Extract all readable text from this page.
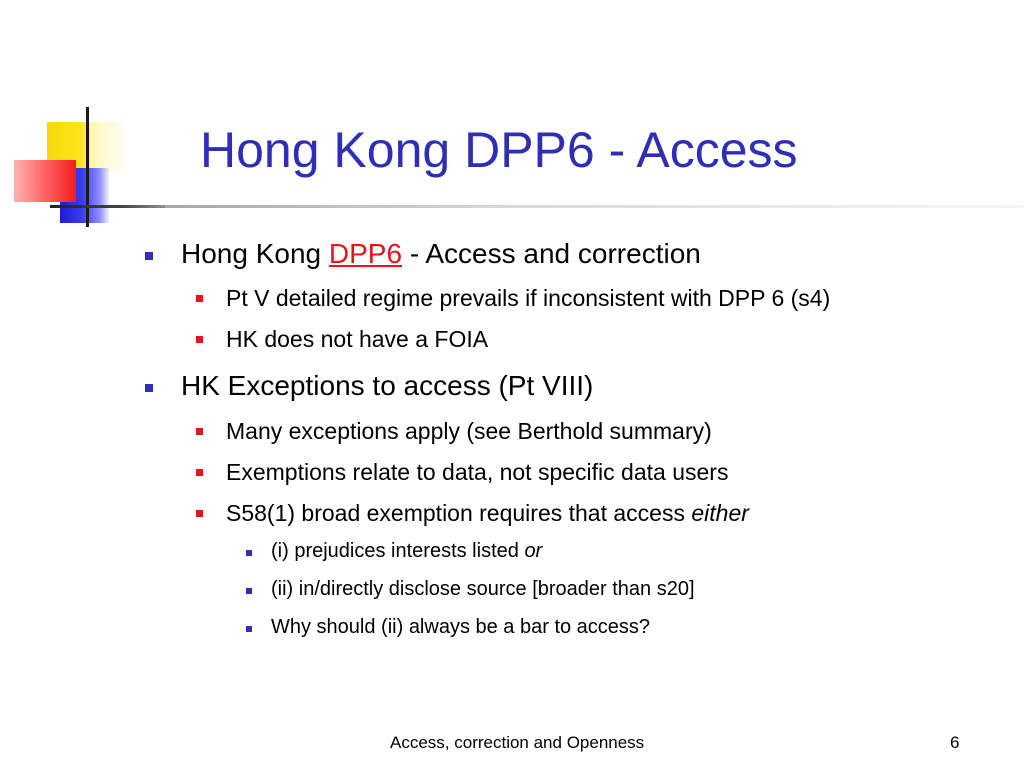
Hong Kong DPP6 - Access
Hong Kong DPP6 - Access and correction
Pt V detailed regime prevails if inconsistent with DPP 6 (s4)
HK does not have a FOIA
HK Exceptions to access (Pt VIII)
Many exceptions apply (see Berthold summary)
Exemptions relate to data, not specific data users
S58(1) broad exemption requires that access either
(i) prejudices interests listed or
(ii) in/directly disclose source [broader than s20]
Why should (ii) always be a bar to access?
Access, correction and Openness	6
